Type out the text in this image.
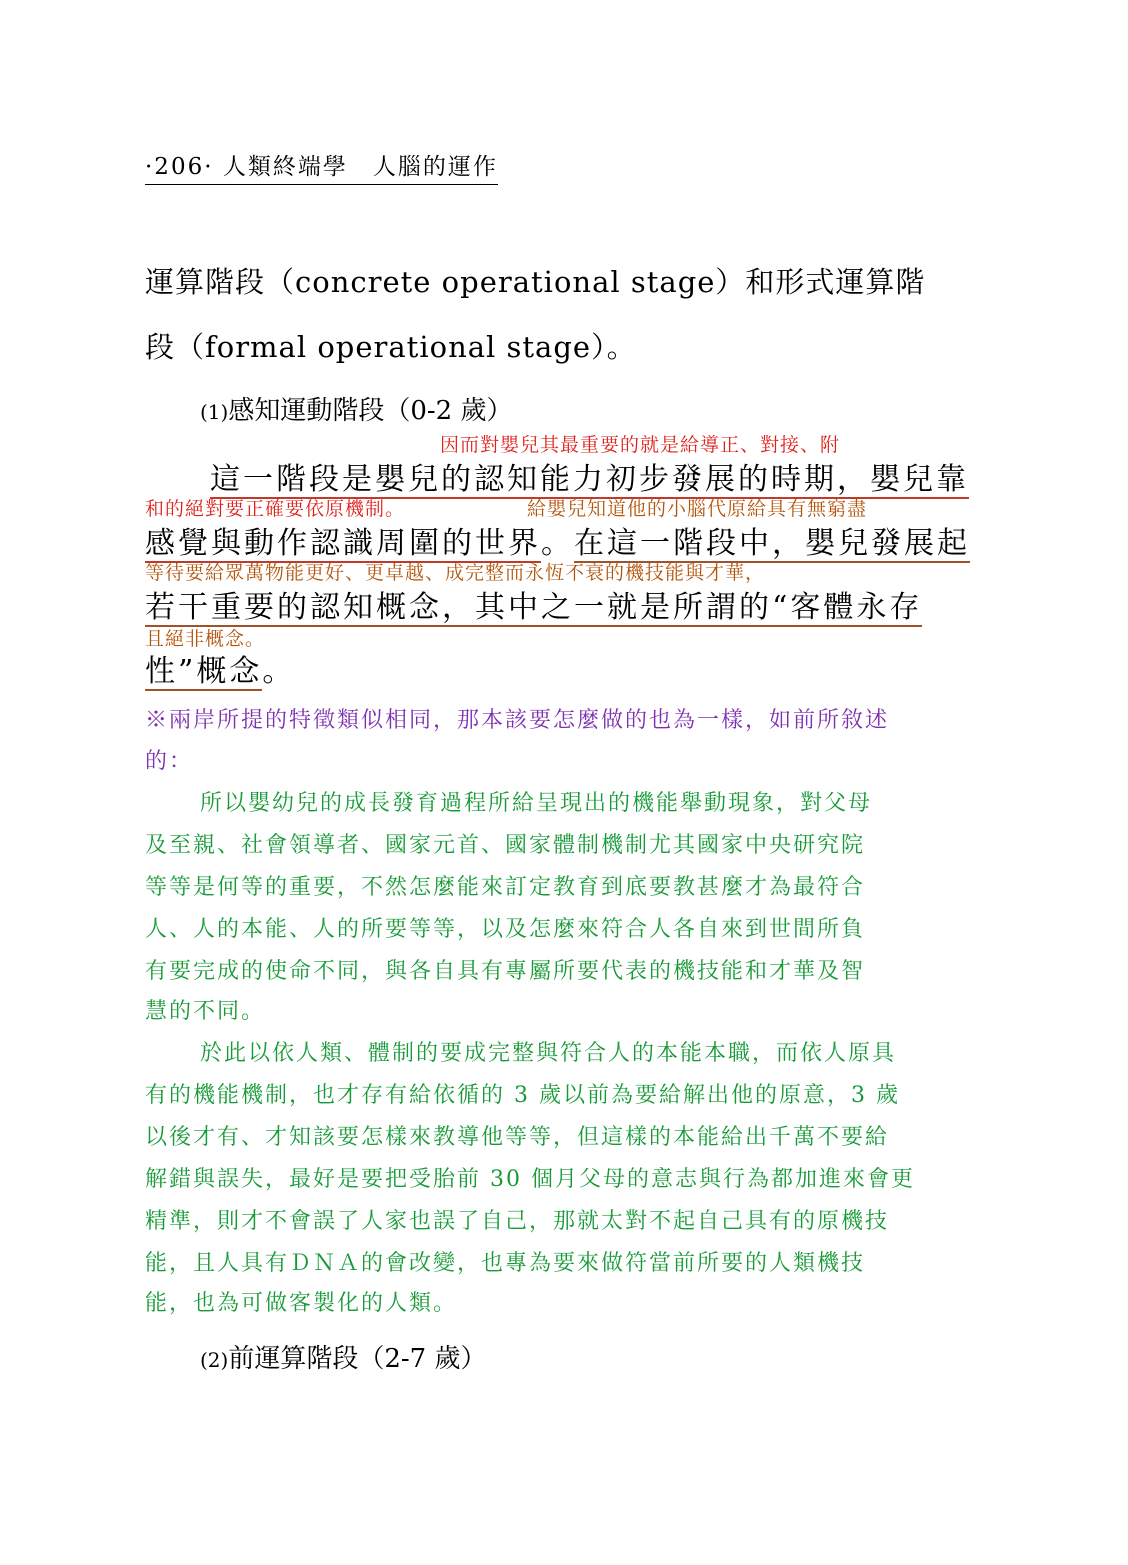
·206· 人類終端學　人腦的運作
運算階段（concrete operational stage）和形式運算階
段（formal operational stage）。
(1)感知運動階段（0-2 歲）
因而對嬰兒其最重要的就是給導正、對接、附
這一階段是嬰兒的認知能力初步發展的時期，嬰兒靠
和的絕對要正確要依原機制。	給嬰兒知道他的小腦代原給具有無窮盡
感覺與動作認識周圍的世界。在這一階段中，嬰兒發展起
等待要給眾萬物能更好、更卓越、成完整而永恆不衰的機技能與才華，
若干重要的認知概念，其中之一就是所謂的“客體永存
且絕非概念。
性”概念。
※兩岸所提的特徵類似相同，那本該要怎麼做的也為一樣，如前所敘述
的：
所以嬰幼兒的成長發育過程所給呈現出的機能舉動現象，對父母
及至親、社會領導者、國家元首、國家體制機制尤其國家中央研究院
等等是何等的重要，不然怎麼能來訂定教育到底要教甚麼才為最符合
人、人的本能、人的所要等等，以及怎麼來符合人各自來到世間所負
有要完成的使命不同，與各自具有專屬所要代表的機技能和才華及智
慧的不同。
於此以依人類、體制的要成完整與符合人的本能本職，而依人原具
有的機能機制，也才存有給依循的 3 歲以前為要給解出他的原意，3 歲
以後才有、才知該要怎樣來教導他等等，但這樣的本能給出千萬不要給
解錯與誤失，最好是要把受胎前 30 個月父母的意志與行為都加進來會更
精準，則才不會誤了人家也誤了自己，那就太對不起自己具有的原機技
能，且人具有ＤＮＡ的會改變，也專為要來做符當前所要的人類機技
能，也為可做客製化的人類。
(2)前運算階段（2-7 歲）
